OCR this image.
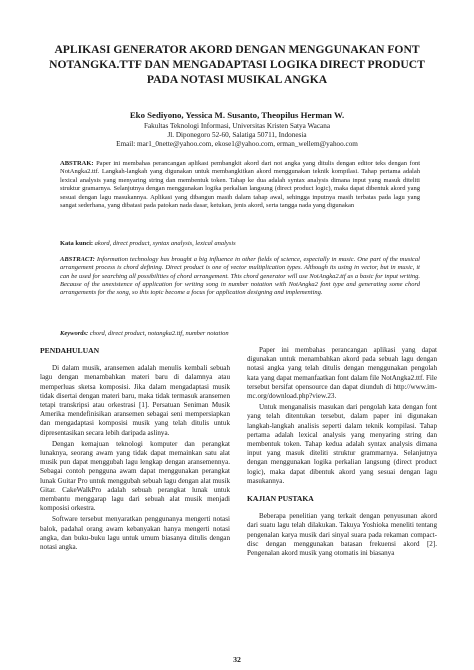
APLIKASI GENERATOR AKORD DENGAN MENGGUNAKAN FONT
NOTANGKA.TTF DAN MENGADAPTASI LOGIKA DIRECT PRODUCT
PADA NOTASI MUSIKAL ANGKA
Eko Sediyono, Yessica M. Susanto, Theopilus Herman W.
Fakultas Teknologi Informasi, Universitas Kristen Satya Wacana
Jl. Diponegoro 52-60, Salatiga 50711, Indonesia
Email: mar1_0nette@yahoo.com, ekose1@yahoo.com, erman_wellem@yahoo.com
ABSTRAK: Paper ini membahas perancangan aplikasi pembangkit akord dari not angka yang ditulis dengan editor teks dengan font NotAngka2.ttf. Langkah-langkah yang digunakan untuk membangkitkan akord menggunakan teknik kompilasi. Tahap pertama adalah lexical analysis yang menyaring string dan membentuk token. Tahap ke dua adalah syntax analysis dimana input yang masuk diteliti struktur gramarnya. Selanjutnya dengan menggunakan logika perkalian langsung (direct product logic), maka dapat dibentuk akord yang sesuai dengan lagu masukannya. Aplikasi yang dibangun masih dalam tahap awal, sehingga inputnya masih terbatas pada lagu yang sangat sederhana, yang dibatasi pada patokan nada dasar, ketukan, jenis akord, serta tangga nada yang digunakan
Kata kunci: akord, direct product, syntax analysis, lexical analysis
ABSTRACT: Information technology has brought a big influence in other fields of science, especially in music. One part of the musical arrangement process is chord defining. Direct product is one of vector multiplication types. Although its using in vector, but in music, it can be used for searching all possibilities of chord arrangement. This chord generator will use NotAngka2.ttf as a basic for input writing. Because of the unexistence of application for writing song in number notation with NotAngka2 font type and generating some chord arrangements for the song, so this topic become a focus for application designing and implementing.
Keywords: chord, direct product, notangka2.ttf, number notation
PENDAHULUAN

Di dalam musik, aransemen adalah menulis kembali sebuah lagu dengan menambahkan materi baru di dalamnya atau memperluas sketsa komposisi. Jika dalam mengadaptasi musik tidak disertai dengan materi baru, maka tidak termasuk aransemen tetapi transkripsi atau orkestrasi [1]. Persatuan Seniman Musik Amerika mendefinisikan aransemen sebagai seni mempersiapkan dan mengadaptasi komposisi musik yang telah ditulis untuk dipresentasikan secara lebih daripada aslinya.

Dengan kemajuan teknologi komputer dan perangkat lunaknya, seorang awam yang tidak dapat memainkan satu alat musik pun dapat menggubah lagu lengkap dengan aransemennya. Sebagai contoh pengguna awam dapat menggunakan perangkat lunak Guitar Pro untuk menggubah sebuah lagu dengan alat musik Gitar. CakeWalkPro adalah sebuah perangkat lunak untuk membantu menggarap lagu dari sebuah alat musik menjadi komposisi orkestra.

Software tersebut menyaratkan penggunanya mengerti notasi balok, padahal orang awam kebanyakan hanya mengerti notasi angka, dan buku-buku lagu untuk umum biasanya ditulis dengan notasi angka.

Paper ini membahas perancangan aplikasi yang dapat digunakan untuk menambahkan akord pada sebuah lagu dengan notasi angka yang telah ditulis dengan menggunakan pengolah kata yang dapat memanfaatkan font dalam file NotAngka2.ttf. File tersebut bersifat opensource dan dapat diunduh di http://www.im-mc.org/download.php?view.23.

Untuk menganalisis masukan dari pengolah kata dengan font yang telah ditentukan tersebut, dalam paper ini digunakan langkah-langkah analisis seperti dalam teknik kompilasi. Tahap pertama adalah lexical analysis yang menyaring string dan membentuk token. Tahap kedua adalah syntax analysis dimana input yang masuk diteliti struktur grammarnya. Selanjutnya dengan menggunakan logika perkalian langsung (direct product logic), maka dapat dibentuk akord yang sesuai dengan lagu masukannya.

KAJIAN PUSTAKA

Beberapa penelitian yang terkait dengan penyusunan akord dari suatu lagu telah dilakukan. Takuya Yoshioka meneliti tentang pengenalan karya musik dari sinyal suara pada rekaman compact-disc dengan menggunakan batasan frekuensi akord [2]. Pengenalan akord musik yang otomatis ini biasanya

32
